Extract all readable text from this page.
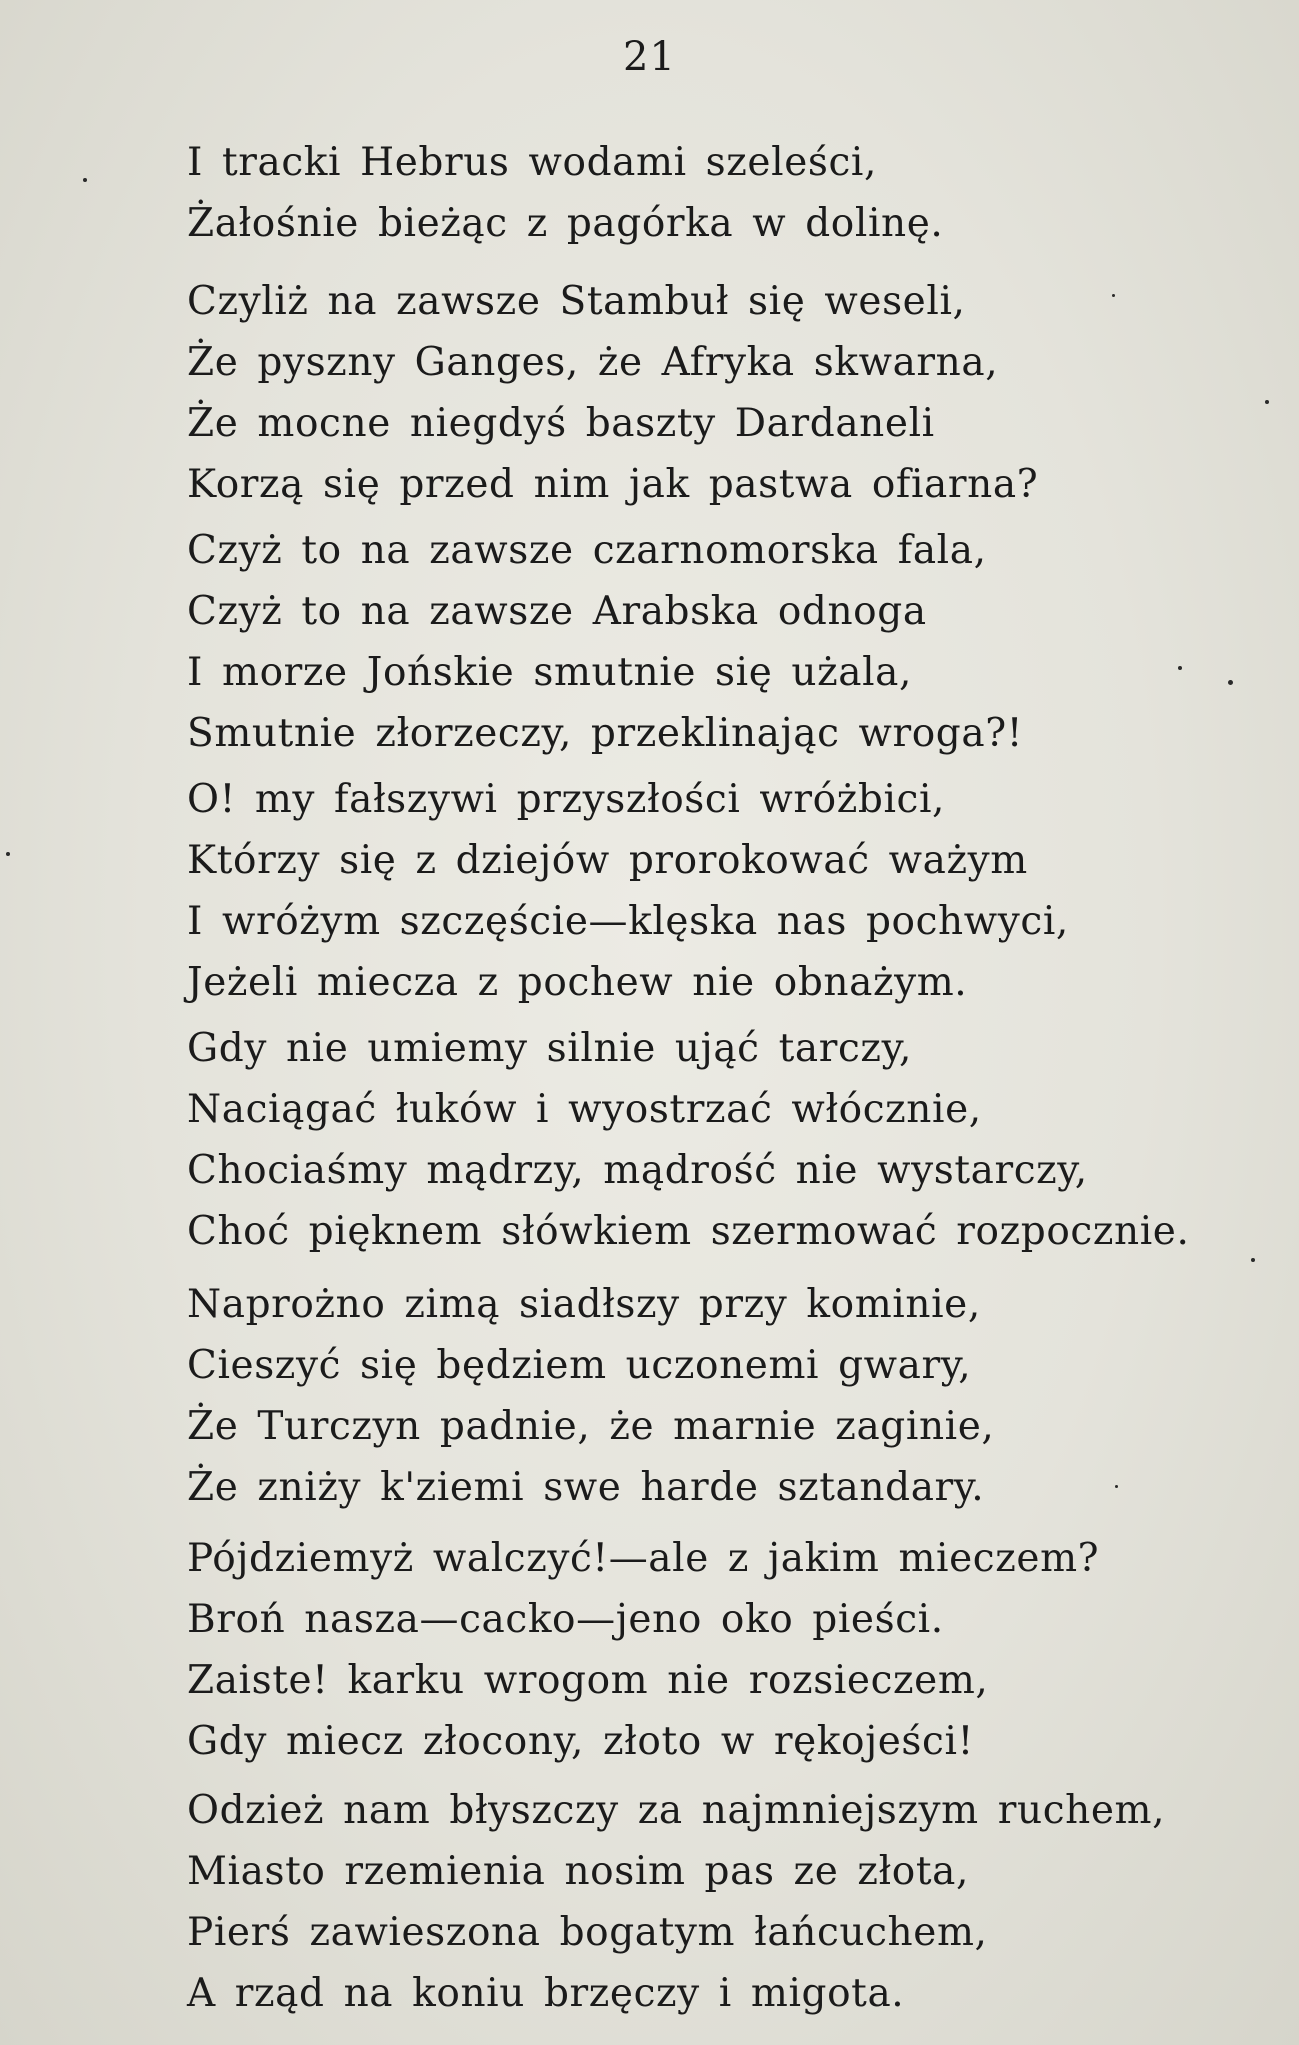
21
I tracki Hebrus wodami szeleści,
Żałośnie bieżąc z pagórka w dolinę.
Czyliż na zawsze Stambuł się weseli,
Że pyszny Ganges, że Afryka skwarna,
Że mocne niegdyś baszty Dardaneli
Korzą się przed nim jak pastwa ofiarna?
Czyż to na zawsze czarnomorska fala,
Czyż to na zawsze Arabska odnoga
I morze Jońskie smutnie się użala,
Smutnie złorzeczy, przeklinając wroga?!
O! my fałszywi przyszłości wróżbici,
Którzy się z dziejów prorokować ważym
I wróżym szczęście—klęska nas pochwyci,
Jeżeli miecza z pochew nie obnażym.
Gdy nie umiemy silnie ująć tarczy,
Naciągać łuków i wyostrzać włócznie,
Chociaśmy mądrzy, mądrość nie wystarczy,
Choć pięknem słówkiem szermować rozpocznie.
Naprożno zimą siadłszy przy kominie,
Cieszyć się będziem uczonemi gwary,
Że Turczyn padnie, że marnie zaginie,
Że zniży k'ziemi swe harde sztandary.
Pójdziemyż walczyć!—ale z jakim mieczem?
Broń nasza—cacko—jeno oko pieści.
Zaiste! karku wrogom nie rozsieczem,
Gdy miecz złocony, złoto w rękojeści!
Odzież nam błyszczy za najmniejszym ruchem,
Miasto rzemienia nosim pas ze złota,
Pierś zawieszona bogatym łańcuchem,
A rząd na koniu brzęczy i migota.
